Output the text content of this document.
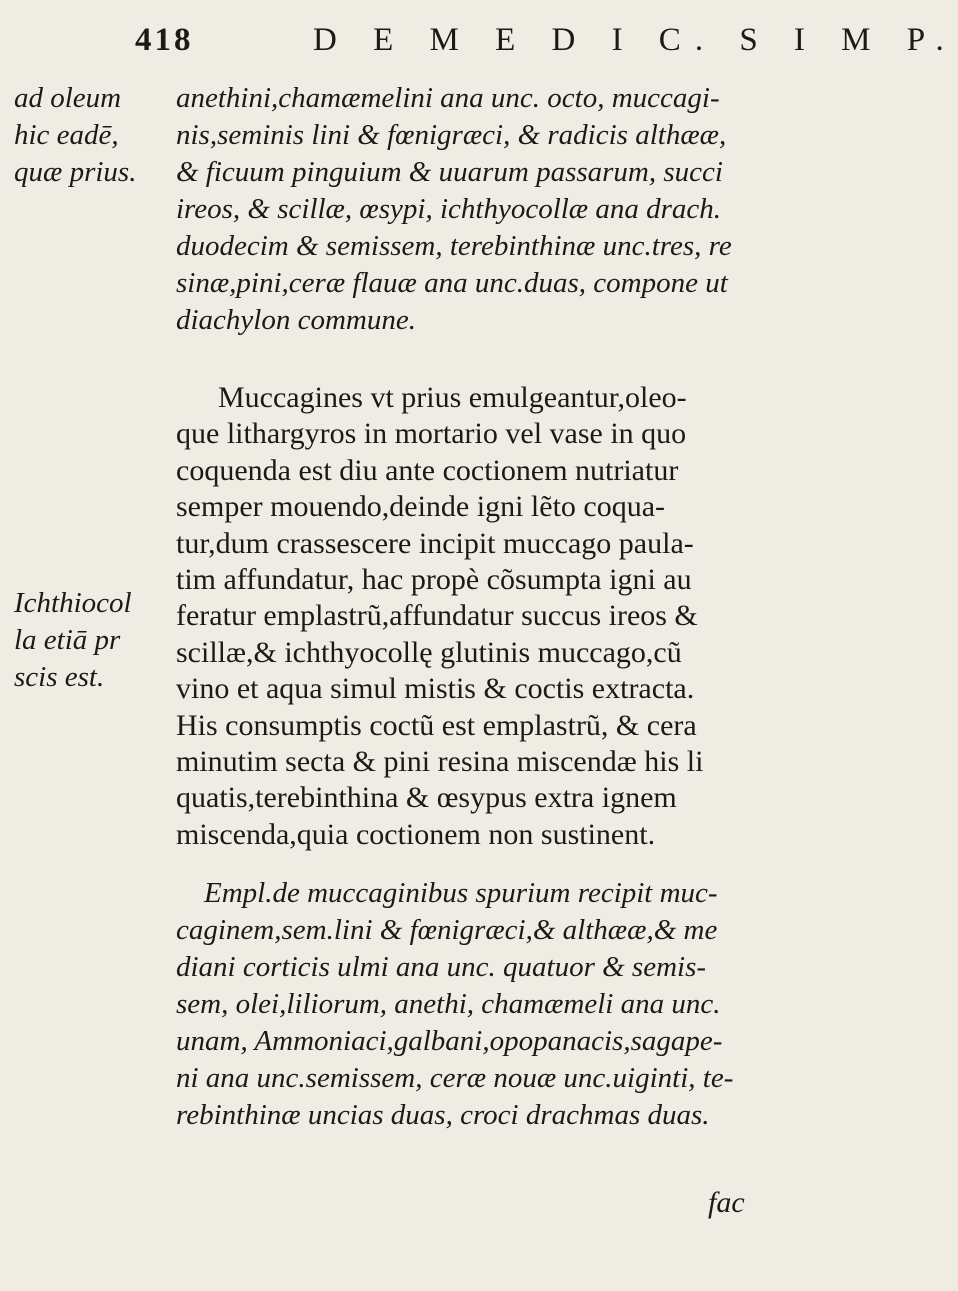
418	D E M E D I C. S I M P.
ad oleum
hic eadē,
quæ prius.
anethini,chamæmelini ana unc. octo, muccagi-
nis,seminis lini & fœnigræci, & radicis althææ,
& ficuum pinguium & uuarum passarum, succi
ireos, & scillæ, œsypi, ichthyocollæ ana drach.
duodecim & semissem, terebinthinæ unc.tres, re
sinæ,pini,ceræ flauæ ana unc.duas, compone ut
diachylon commune.
Ichthiocol
la etiā pr
scis est.
Muccagines vt prius emulgeantur,oleo-
que lithargyros in mortario vel vase in quo
coquenda est diu ante coctionem nutriatur
semper mouendo,deinde igni lẽto coqua-
tur,dum crassescere incipit muccago paula-
tim affundatur, hac propè cõsumpta igni au
feratur emplastrũ,affundatur succus ireos &
scillæ,& ichthyocollę glutinis muccago,cũ
vino et aqua simul mistis & coctis extracta.
His consumptis coctũ est emplastrũ, & cera
minutim secta & pini resina miscendæ his li
quatis,terebinthina & œsypus extra ignem
miscenda,quia coctionem non sustinent.
Empl.de muccaginibus spurium recipit muc-
caginem,sem.lini & fœnigræci,& althææ,& me
diani corticis ulmi ana unc. quatuor & semis-
sem, olei,liliorum, anethi, chamæmeli ana unc.
unam, Ammoniaci,galbani,opopanacis,sagape-
ni ana unc.semissem, ceræ nouæ unc.uiginti, te-
rebinthinæ uncias duas, croci drachmas duas.
fac
